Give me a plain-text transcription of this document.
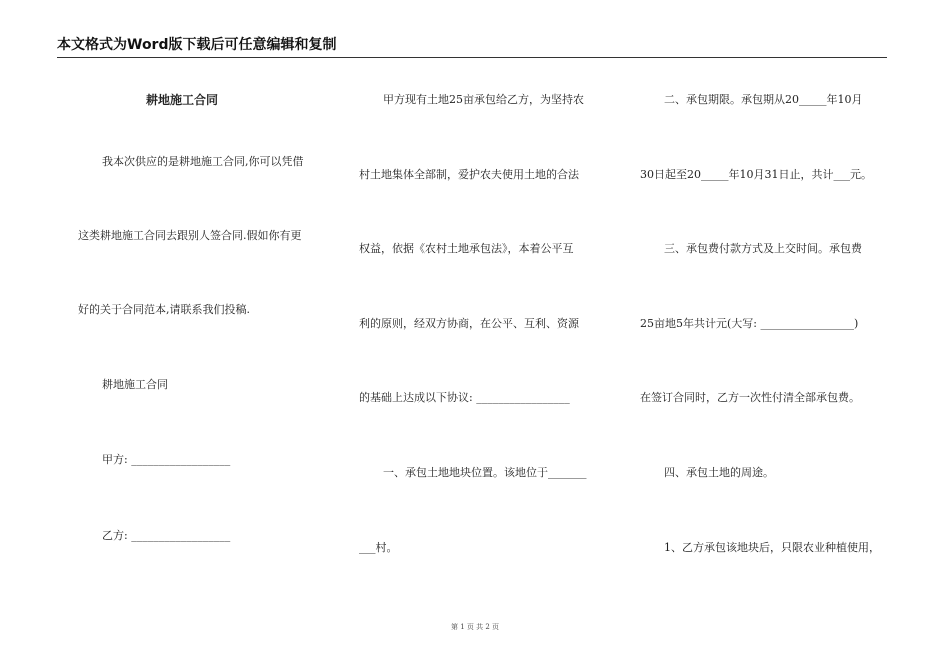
本文格式为Word版下载后可任意编辑和复制
耕地施工合同
我本次供应的是耕地施工合同,你可以凭借
这类耕地施工合同去跟别人签合同.假如你有更
好的关于合同范本,请联系我们投稿.
耕地施工合同
甲方: __________________
乙方: __________________
甲方现有土地25亩承包给乙方，为坚持农
村土地集体全部制，爱护农夫使用土地的合法
权益，依据《农村土地承包法》，本着公平互
利的原则，经双方协商，在公平、互利、资源
的基础上达成以下协议: _________________
一、承包土地地块位置。该地位于_______
___村。
二、承包期限。承包期从20_____年10月
30日起至20_____年10月31日止，共计___元。
三、承包费付款方式及上交时间。承包费
25亩地5年共计元(大写: _________________)
在签订合同时，乙方一次性付清全部承包费。
四、承包土地的周途。
1、乙方承包该地块后，只限农业种植使用，
第 1 页 共 2 页
